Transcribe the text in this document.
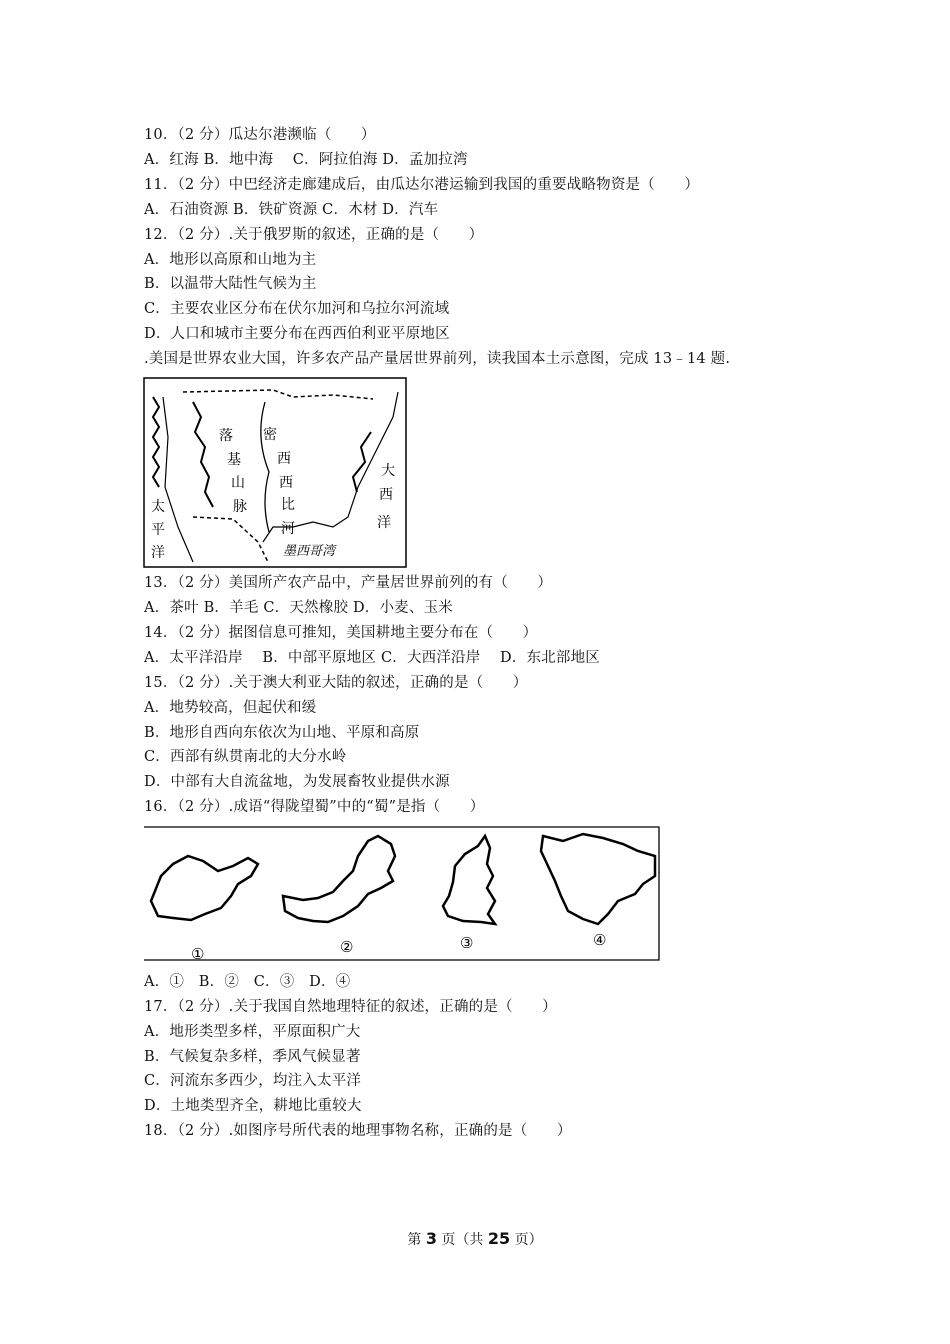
10．（2 分）瓜达尔港濒临（　　）
A．红海 B．地中海　 C．阿拉伯海 D．孟加拉湾
11．（2 分）中巴经济走廊建成后，由瓜达尔港运输到我国的重要战略物资是（　　）
A．石油资源 B．铁矿资源 C．木材 D．汽车
12．（2 分）.关于俄罗斯的叙述，正确的是（　　）
A．地形以高原和山地为主
B．以温带大陆性气候为主
C．主要农业区分布在伏尔加河和乌拉尔河流域
D．人口和城市主要分布在西西伯利亚平原地区
.美国是世界农业大国，许多农产品产量居世界前列，读我国本土示意图，完成 13﹣14 题.
落
基
山
脉
密
西
西
比
河
太
平
洋
大
西
洋
墨西哥湾
13．（2 分）美国所产农产品中，产量居世界前列的有（　　）
A．茶叶 B．羊毛 C．天然橡胶 D．小麦、玉米
14．（2 分）据图信息可推知，美国耕地主要分布在（　　）
A．太平洋沿岸　 B．中部平原地区 C．大西洋沿岸　 D．东北部地区
15．（2 分）.关于澳大利亚大陆的叙述，正确的是（　　）
A．地势较高，但起伏和缓
B．地形自西向东依次为山地、平原和高原
C．西部有纵贯南北的大分水岭
D．中部有大自流盆地，为发展畜牧业提供水源
16．（2 分）.成语“得陇望蜀”中的“蜀”是指（　　）
①	②	③	④
A．①　B．②　C．③　D．④
17．（2 分）.关于我国自然地理特征的叙述，正确的是（　　）
A．地形类型多样，平原面积广大
B．气候复杂多样，季风气候显著
C．河流东多西少，均注入太平洋
D．土地类型齐全，耕地比重较大
18．（2 分）.如图序号所代表的地理事物名称，正确的是（　　）
第 3 页（共 25 页）
